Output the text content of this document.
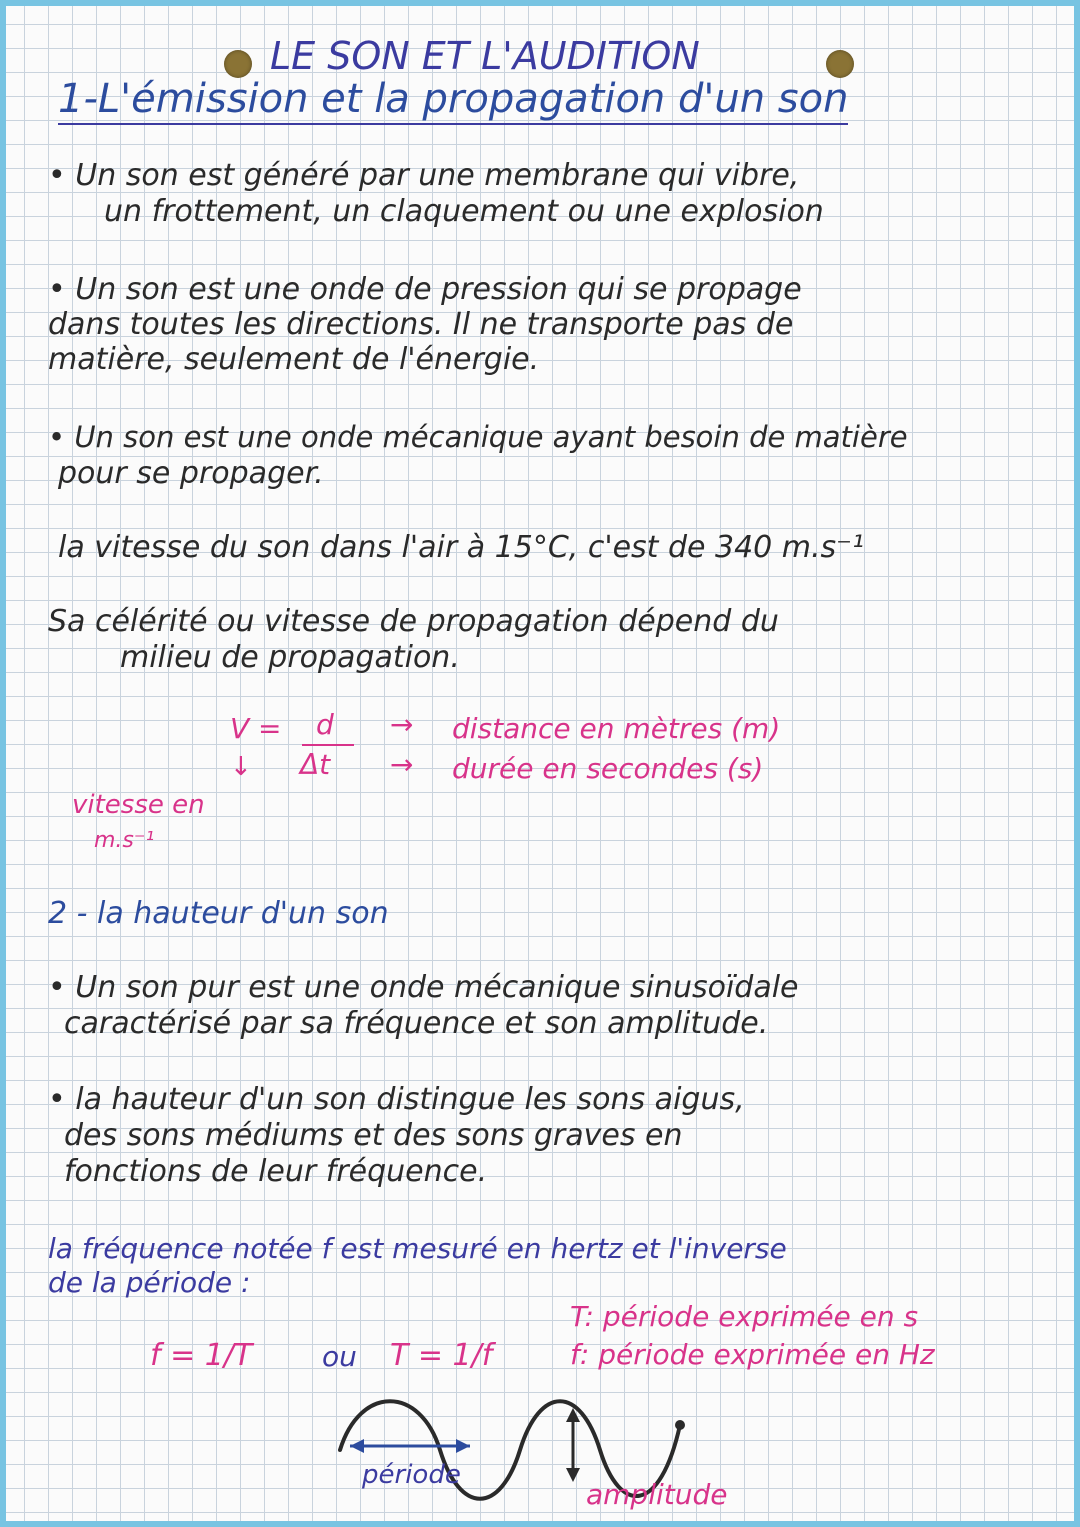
LE SON ET L'AUDITION
1-L'émission et la propagation d'un son
• Un son est généré par une membrane qui vibre,
un frottement, un claquement ou une explosion
• Un son est une onde de pression qui se propage
dans toutes les directions. Il ne transporte pas de
matière, seulement de l'énergie.
• Un son est une onde mécanique ayant besoin de matière
pour se propager.
la vitesse du son dans l'air à 15°C, c'est de 340 m.s⁻¹
Sa célérité ou vitesse de propagation dépend du
milieu de propagation.
V = d
Δt
→
→
distance en mètres (m)
durée en secondes (s)
↓
vitesse en
m.s⁻¹
2 - la hauteur d'un son
• Un son pur est une onde mécanique sinusoïdale
caractérisé par sa fréquence et son amplitude.
• la hauteur d'un son distingue les sons aigus,
des sons médiums et des sons graves en
fonctions de leur fréquence.
la fréquence notée f est mesuré en hertz et l'inverse
de la période :
f = 1/T ou T = 1/f
T: période exprimée en s
f: période exprimée en Hz
période
amplitude
